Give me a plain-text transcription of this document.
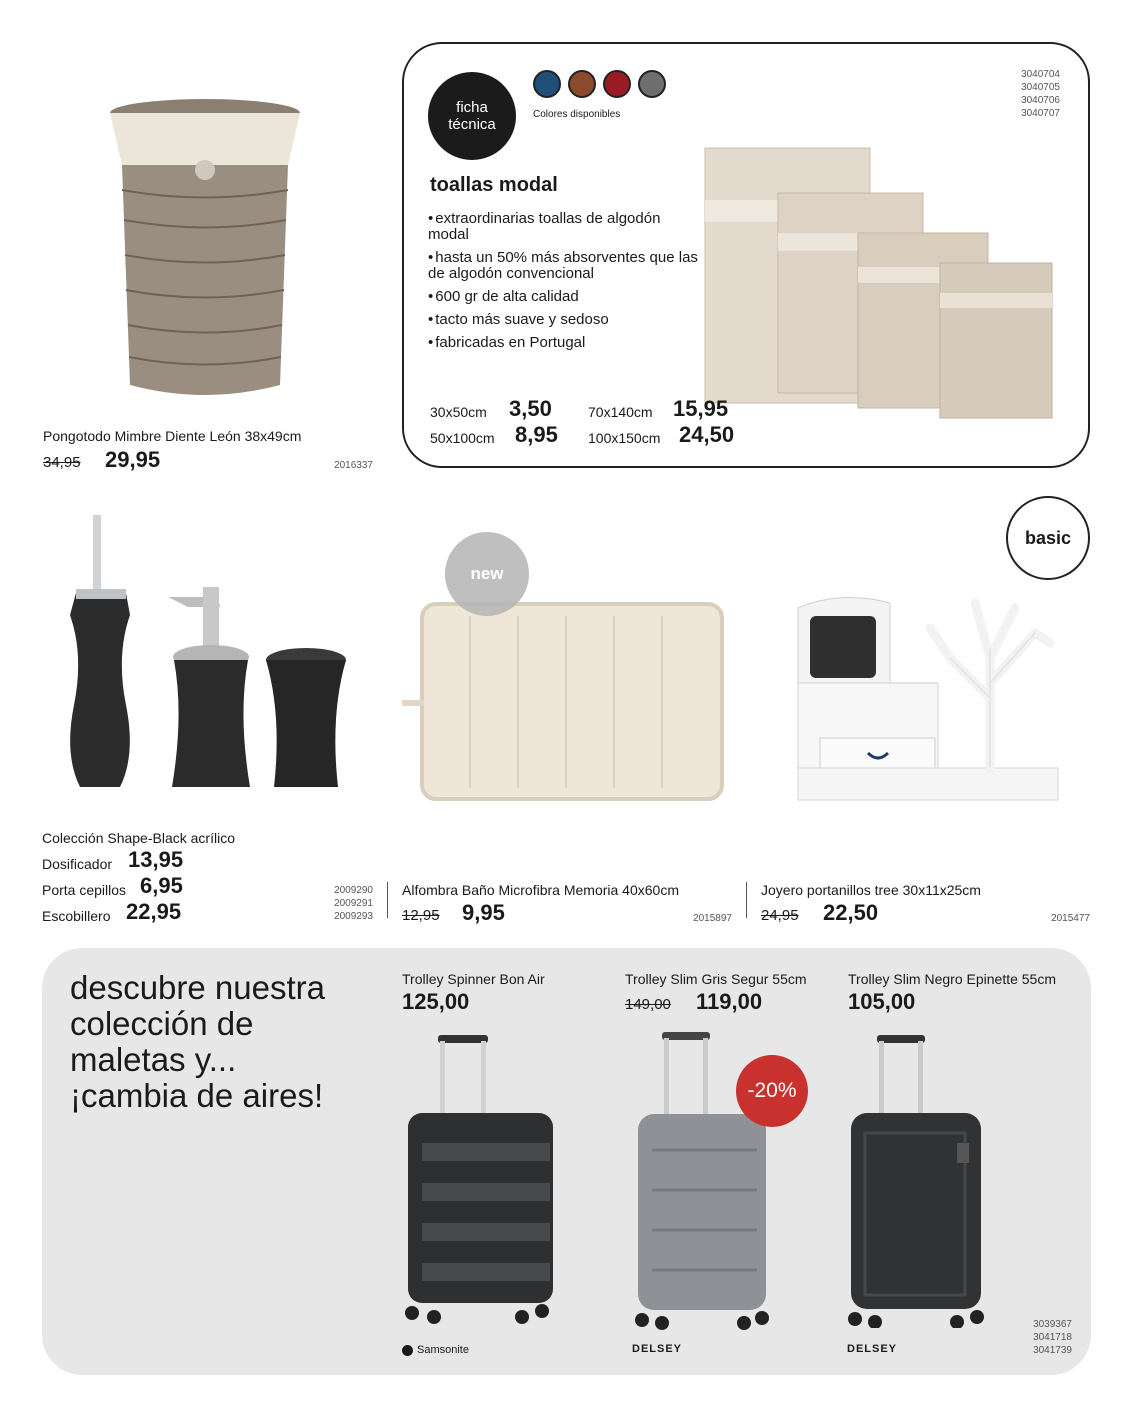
Pongotodo Mimbre Diente León 38x49cm
34,95 29,95	2016337
ficha técnica
Colores disponibles
3040704
3040705
3040706
3040707
toallas modal
• extraordinarias toallas de algodón modal
• hasta un 50% más absorventes que las de algodón convencional
• 600 gr de alta calidad
• tacto más suave y sedoso
• fabricadas en Portugal
30x50cm 3,50
50x100cm 8,95
70x140cm 15,95
100x150cm 24,50
Colección Shape-Black acrílico
Dosificador 13,95
Porta cepillos 6,95
Escobillero 22,95
2009290
2009291
2009293
new
Alfombra Baño Microfibra Memoria 40x60cm
12,95 9,95	2015897
basic
Joyero portanillos tree 30x11x25cm
24,95 22,50	2015477
descubre nuestra
colección de
maletas y...
¡cambia de aires!
Trolley Spinner Bon Air
125,00
Trolley Slim Gris Segur 55cm
149,00 119,00
Trolley Slim Negro Epinette 55cm
105,00
-20%
Samsonite	DELSEY	DELSEY
3039367
3041718
3041739
